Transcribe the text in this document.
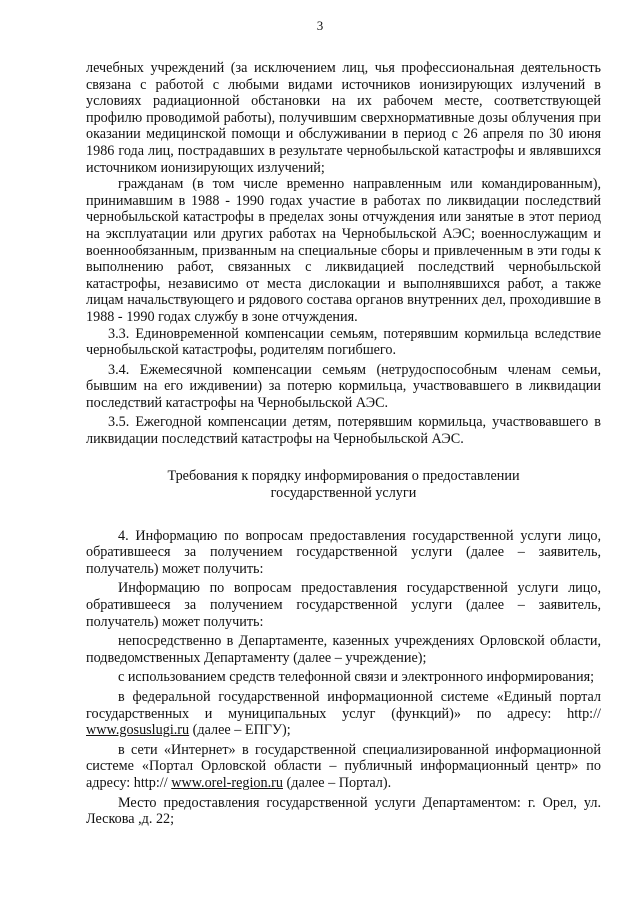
3

лечебных учреждений (за исключением лиц, чья профессиональная деятельность связана с работой с любыми видами источников ионизирующих излучений в условиях радиационной обстановки на их рабочем месте, соответствующей профилю проводимой работы), получившим сверхнормативные дозы облучения при оказании медицинской помощи и обслуживании в период с 26 апреля по 30 июня 1986 года лиц, пострадавших в результате чернобыльской катастрофы и являвшихся источником ионизирующих излучений;

гражданам (в том числе временно направленным или командированным), принимавшим в 1988 - 1990 годах участие в работах по ликвидации последствий чернобыльской катастрофы в пределах зоны отчуждения или занятые в этот период на эксплуатации или других работах на Чернобыльской АЭС; военнослужащим и военнообязанным, призванным на специальные сборы и привлеченным в эти годы к выполнению работ, связанных с ликвидацией последствий чернобыльской катастрофы, независимо от места дислокации и выполнявшихся работ, а также лицам начальствующего и рядового состава органов внутренних дел, проходившие в 1988 - 1990 годах службу в зоне отчуждения.

3.3. Единовременной компенсации семьям, потерявшим кормильца вследствие чернобыльской катастрофы, родителям погибшего.

3.4. Ежемесячной компенсации семьям (нетрудоспособным членам семьи, бывшим на его иждивении) за потерю кормильца, участвовавшего в ликвидации последствий катастрофы на Чернобыльской АЭС.

3.5. Ежегодной компенсации детям, потерявшим кормильца, участвовавшего в ликвидации последствий катастрофы на Чернобыльской АЭС.

Требования к порядку информирования о предоставлении
государственной услуги

4. Информацию по вопросам предоставления государственной услуги лицо, обратившееся за получением государственной услуги (далее – заявитель, получатель) может получить:

Информацию по вопросам предоставления государственной услуги лицо, обратившееся за получением государственной услуги (далее – заявитель, получатель) может получить:

непосредственно в Департаменте, казенных учреждениях Орловской области, подведомственных Департаменту (далее – учреждение);

с использованием средств телефонной связи и электронного информирования;

в федеральной государственной информационной системе «Единый портал государственных и муниципальных услуг (функций)» по адресу: http:// www.gosuslugi.ru (далее – ЕПГУ);

в сети «Интернет» в государственной специализированной информационной системе «Портал Орловской области – публичный информационный центр» по адресу: http:// www.orel-region.ru (далее – Портал).

Место предоставления государственной услуги Департаментом: г. Орел, ул. Лескова ,д. 22;
